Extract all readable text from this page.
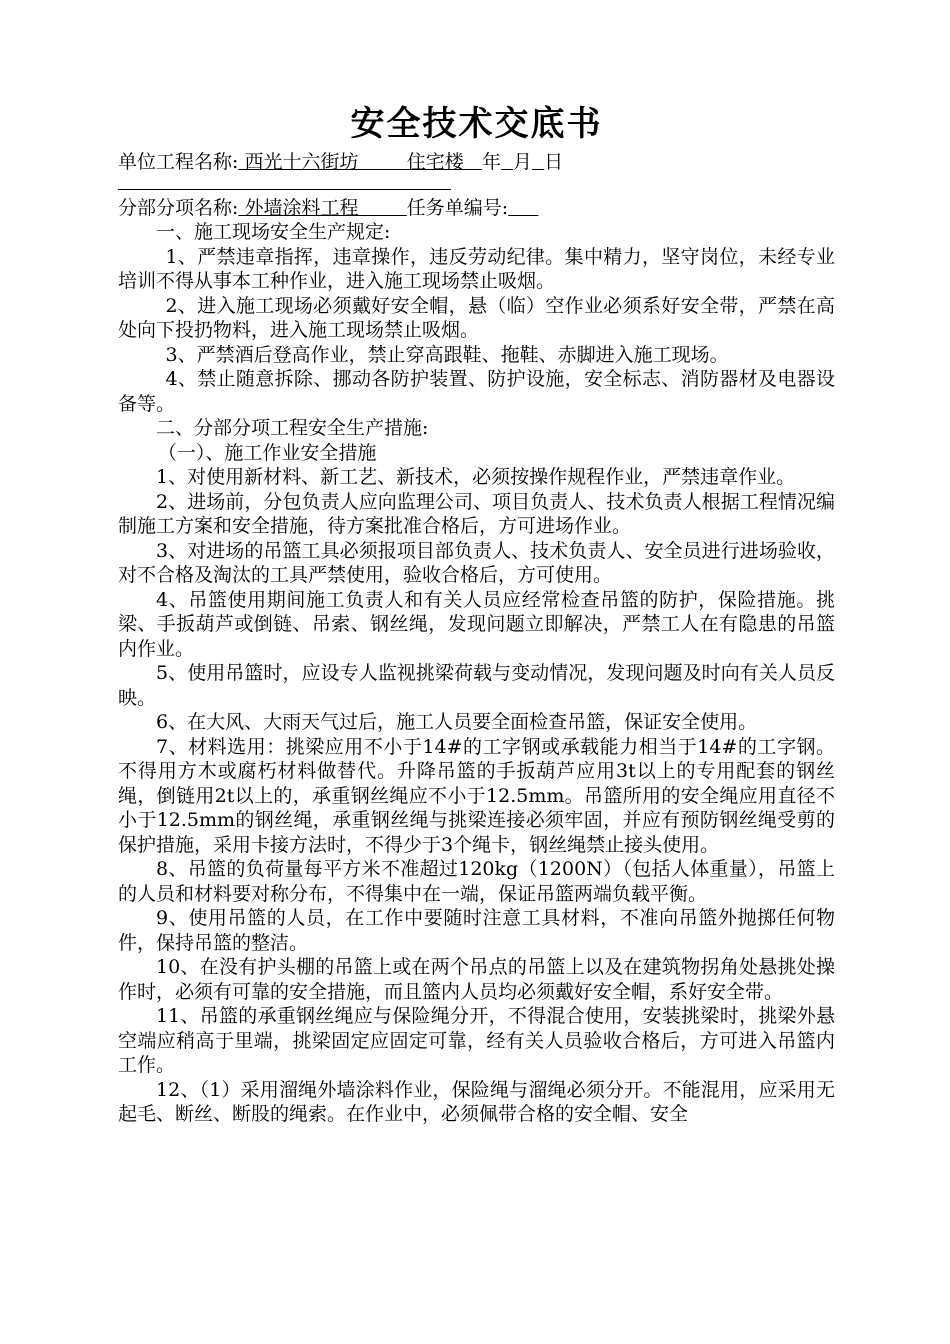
安全技术交底书
单位工程名称: 西光十六街坊	住宅楼 年 月 日
分部分项名称: 外墙涂料工程	任务单编号:

一、施工现场安全生产规定:

1、严禁违章指挥，违章操作，违反劳动纪律。集中精力，坚守岗位，未经专业培训不得从事本工种作业，进入施工现场禁止吸烟。

2、进入施工现场必须戴好安全帽，悬（临）空作业必须系好安全带，严禁在高处向下投扔物料，进入施工现场禁止吸烟。

3、严禁酒后登高作业，禁止穿高跟鞋、拖鞋、赤脚进入施工现场。

4、禁止随意拆除、挪动各防护装置、防护设施，安全标志、消防器材及电器设备等。

二、分部分项工程安全生产措施:

（一）、施工作业安全措施

1、对使用新材料、新工艺、新技术，必须按操作规程作业，严禁违章作业。

2、进场前，分包负责人应向监理公司、项目负责人、技术负责人根据工程情况编制施工方案和安全措施，待方案批准合格后，方可进场作业。

3、对进场的吊篮工具必须报项目部负责人、技术负责人、安全员进行进场验收，对不合格及淘汰的工具严禁使用，验收合格后，方可使用。

4、吊篮使用期间施工负责人和有关人员应经常检查吊篮的防护，保险措施。挑梁、手扳葫芦或倒链、吊索、钢丝绳，发现问题立即解决，严禁工人在有隐患的吊篮内作业。

5、使用吊篮时，应设专人监视挑梁荷载与变动情况，发现问题及时向有关人员反映。

6、在大风、大雨天气过后，施工人员要全面检查吊篮，保证安全使用。

7、材料选用：挑梁应用不小于14#的工字钢或承载能力相当于14#的工字钢。不得用方木或腐朽材料做替代。升降吊篮的手扳葫芦应用3t以上的专用配套的钢丝绳，倒链用2t以上的，承重钢丝绳应不小于12.5mm。吊篮所用的安全绳应用直径不小于12.5mm的钢丝绳，承重钢丝绳与挑梁连接必须牢固，并应有预防钢丝绳受剪的保护措施，采用卡接方法时，不得少于3个绳卡，钢丝绳禁止接头使用。

8、吊篮的负荷量每平方米不准超过120kg（1200N）（包括人体重量），吊篮上的人员和材料要对称分布，不得集中在一端，保证吊篮两端负载平衡。

9、使用吊篮的人员，在工作中要随时注意工具材料，不准向吊篮外抛掷任何物件，保持吊篮的整洁。

10、在没有护头棚的吊篮上或在两个吊点的吊篮上以及在建筑物拐角处悬挑处操作时，必须有可靠的安全措施，而且篮内人员均必须戴好安全帽，系好安全带。

11、吊篮的承重钢丝绳应与保险绳分开，不得混合使用，安装挑梁时，挑梁外悬空端应稍高于里端，挑梁固定应固定可靠，经有关人员验收合格后，方可进入吊篮内工作。

12、（1）采用溜绳外墙涂料作业，保险绳与溜绳必须分开。不能混用，应采用无起毛、断丝、断股的绳索。在作业中，必须佩带合格的安全帽、安全
